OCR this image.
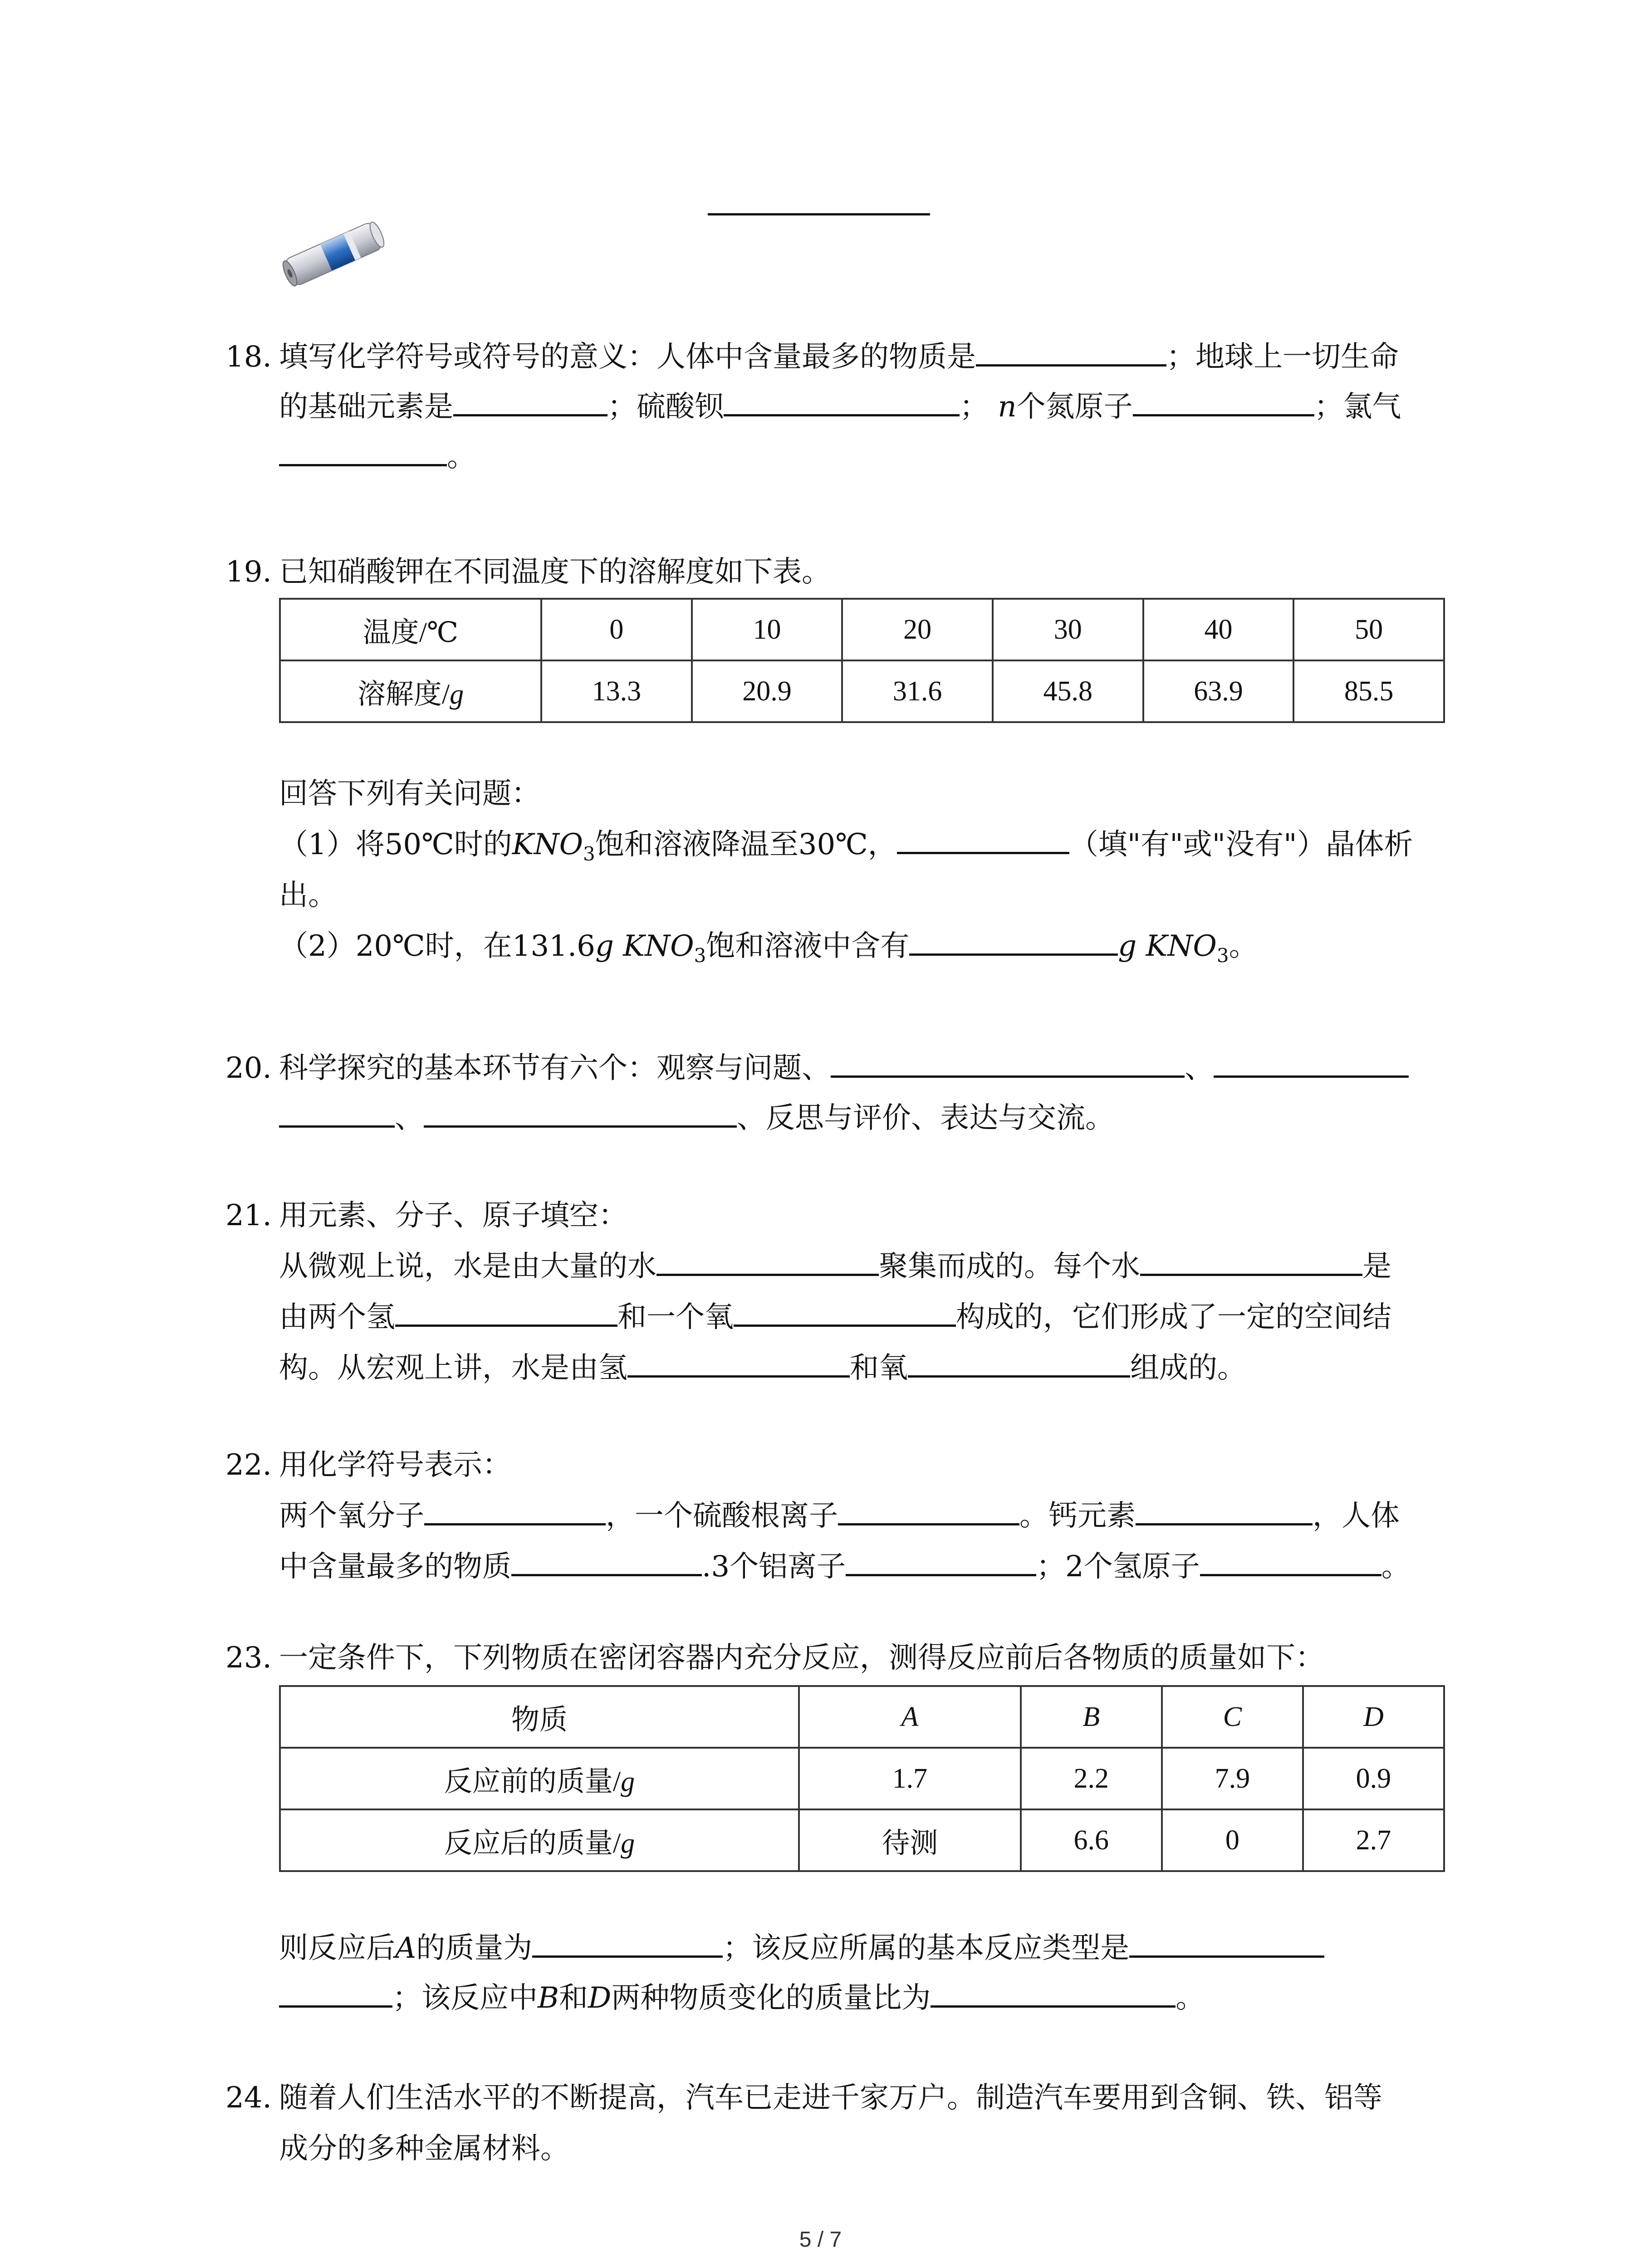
18. 填写化学符号或符号的意义：人体中含量最多的物质是	；地球上一切生命
的基础元素是	；硫酸钡	； n个氮原子	；氯气
。
19. 已知硝酸钾在不同温度下的溶解度如下表。
温度/℃	0	10	20	30	40	50
溶解度/g	13.3	20.9	31.6	45.8	63.9	85.5
回答下列有关问题：
（1）将50℃时的$KNO_3$饱和溶液降温至30℃，	（填"有"或"没有"）晶体析
出。
（2）20℃时，在131.6g $KNO_3$饱和溶液中含有	g $KNO_3$。
20. 科学探究的基本环节有六个：观察与问题、	、
、	、反思与评价、表达与交流。
21. 用元素、分子、原子填空：
从微观上说，水是由大量的水	聚集而成的。每个水	是
由两个氢	和一个氧	构成的，它们形成了一定的空间结
构。从宏观上讲，水是由氢	和氧	组成的。
22. 用化学符号表示：
两个氧分子	，一个硫酸根离子	。钙元素	，人体
中含量最多的物质	.3个铝离子	；2个氢原子	。
23. 一定条件下，下列物质在密闭容器内充分反应，测得反应前后各物质的质量如下：
物质	A	B	C	D
反应前的质量/g	1.7	2.2	7.9	0.9
反应后的质量/g	待测	6.6	0	2.7
则反应后A的质量为	；该反应所属的基本反应类型是
；该反应中B和D两种物质变化的质量比为	。
24. 随着人们生活水平的不断提高，汽车已走进千家万户。制造汽车要用到含铜、铁、铝等
成分的多种金属材料。
5 / 7
